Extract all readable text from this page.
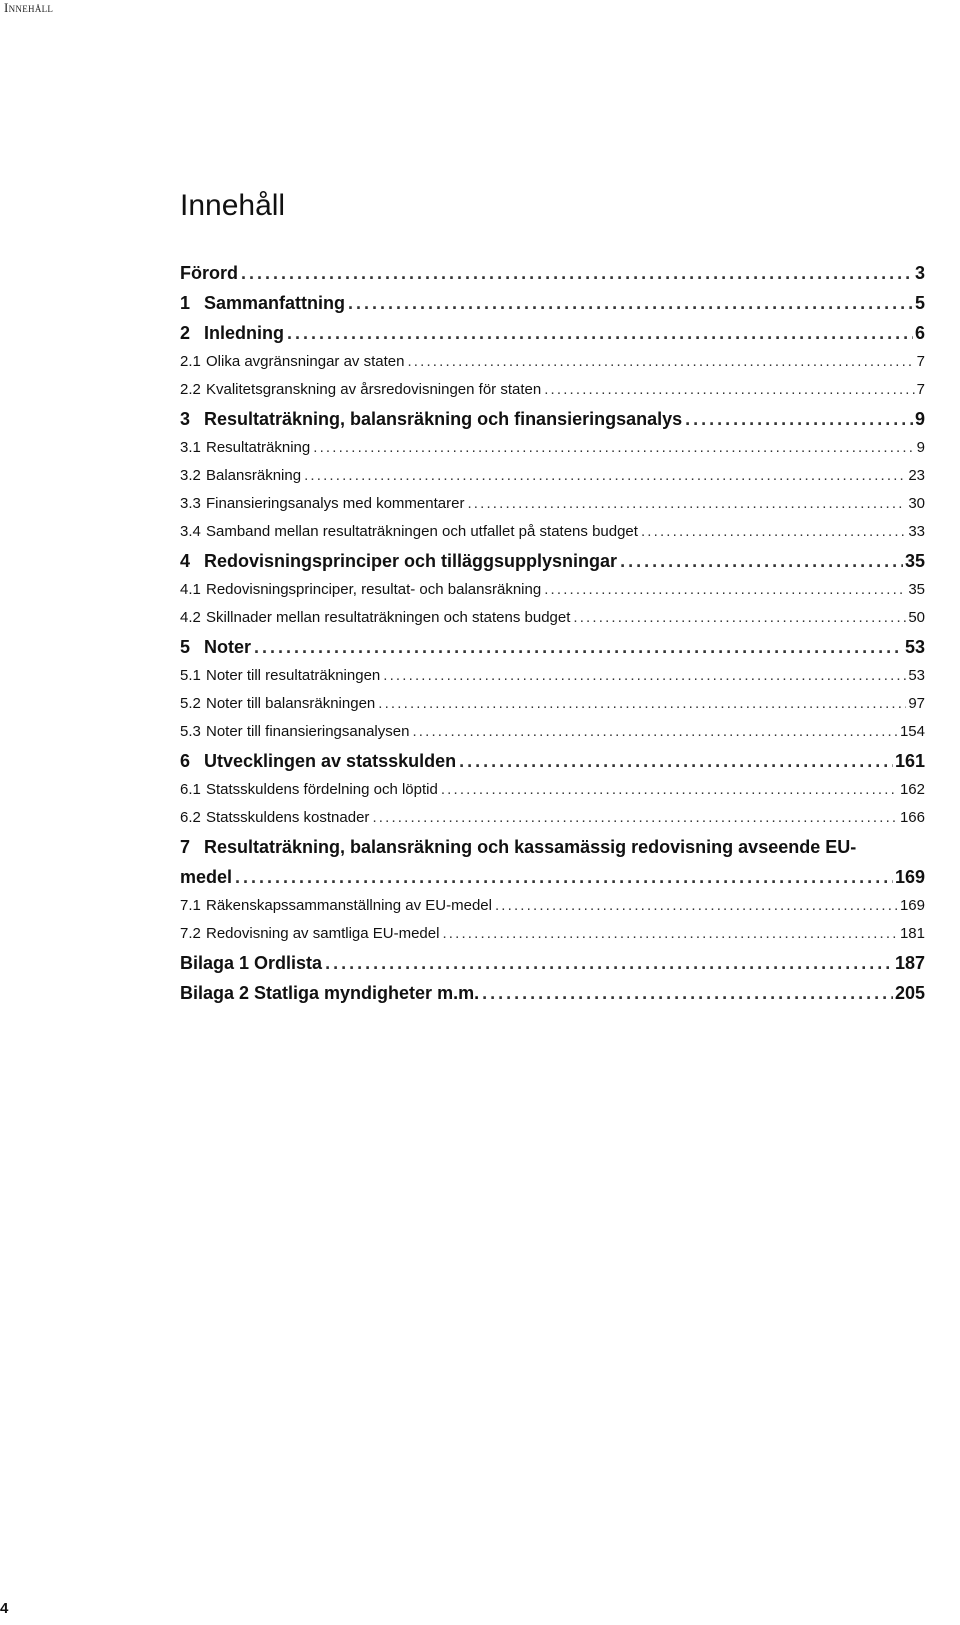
Innehåll
Innehåll
Förord . . .	3
1 Sammanfattning . . .	5
2 Inledning . . .	6
2.1 Olika avgränsningar av staten . . .	7
2.2 Kvalitetsgranskning av årsredovisningen för staten . . .	7
3 Resultaträkning, balansräkning och finansieringsanalys . . .	9
3.1 Resultaträkning . . .	9
3.2 Balansräkning . . .	23
3.3 Finansieringsanalys med kommentarer . . .	30
3.4 Samband mellan resultaträkningen och utfallet på statens budget . . .	33
4 Redovisningsprinciper och tilläggsupplysningar . . .	35
4.1 Redovisningsprinciper, resultat- och balansräkning . . .	35
4.2 Skillnader mellan resultaträkningen och statens budget . . .	50
5 Noter . . .	53
5.1 Noter till resultaträkningen . . .	53
5.2 Noter till balansräkningen . . .	97
5.3 Noter till finansieringsanalysen . . .	154
6 Utvecklingen av statsskulden . . .	161
6.1 Statsskuldens fördelning och löptid . . .	162
6.2 Statsskuldens kostnader . . .	166
7 Resultaträkning, balansräkning och kassamässig redovisning avseende EU-
medel . . .	169
7.1 Räkenskapssammanställning av EU-medel . . .	169
7.2 Redovisning av samtliga EU-medel . . .	181
Bilaga 1 Ordlista . . .	187
Bilaga 2 Statliga myndigheter m.m. . . .	205
4
